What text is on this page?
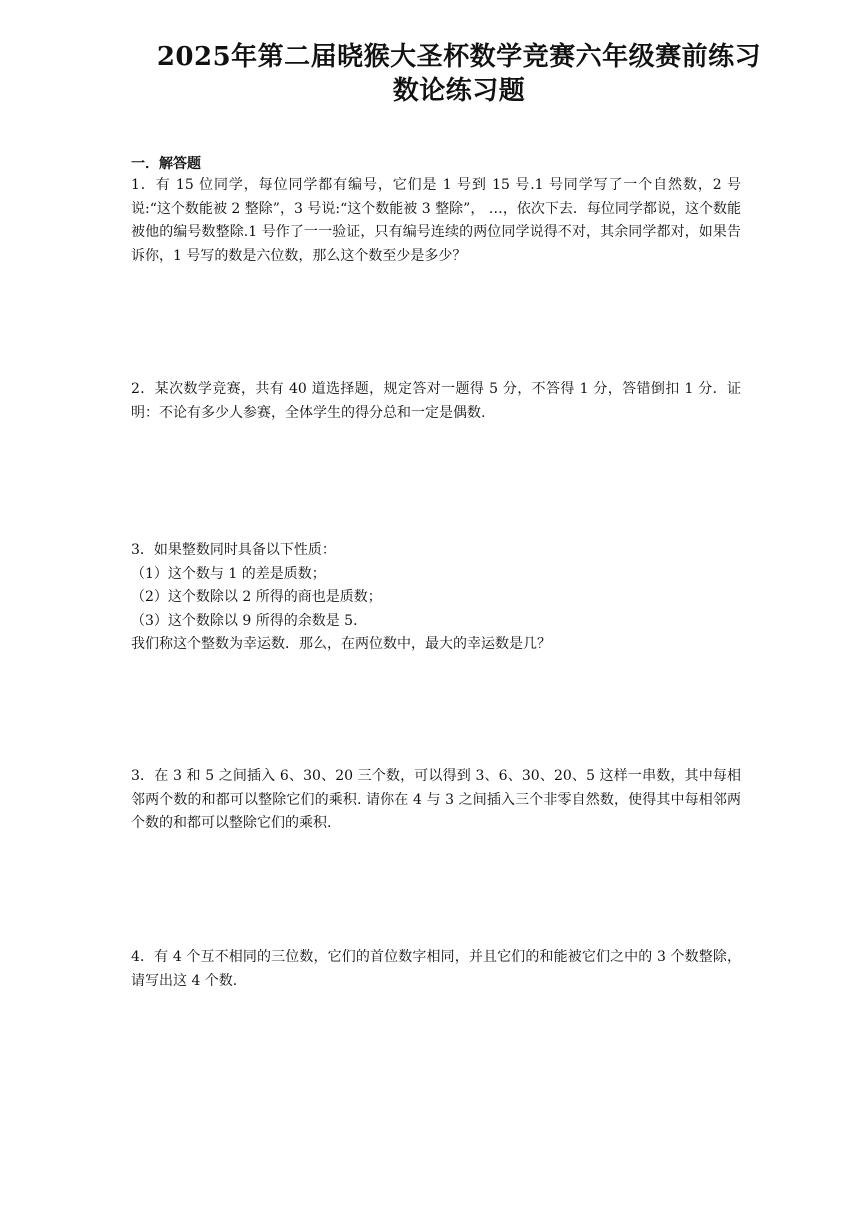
2025年第二届晓猴大圣杯数学竞赛六年级赛前练习
数论练习题
一．解答题

1．有 15 位同学，每位同学都有编号，它们是 1 号到 15 号.1 号同学写了一个自然数，2 号说:“这个数能被 2 整除”，3 号说:“这个数能被 3 整除”， …，依次下去．每位同学都说，这个数能被他的编号数整除.1 号作了一一验证，只有编号连续的两位同学说得不对，其余同学都对，如果告诉你，1 号写的数是六位数，那么这个数至少是多少？

2．某次数学竞赛，共有 40 道选择题，规定答对一题得 5 分，不答得 1 分，答错倒扣 1 分．证明：不论有多少人参赛，全体学生的得分总和一定是偶数.

3．如果整数同时具备以下性质：

（1）这个数与 1 的差是质数；

（2）这个数除以 2 所得的商也是质数；

（3）这个数除以 9 所得的余数是 5．

我们称这个整数为幸运数．那么，在两位数中，最大的幸运数是几？

3．在 3 和 5 之间插入 6、30、20 三个数，可以得到 3、6、30、20、5 这样一串数，其中每相邻两个数的和都可以整除它们的乘积. 请你在 4 与 3 之间插入三个非零自然数，使得其中每相邻两个数的和都可以整除它们的乘积.

4．有 4 个互不相同的三位数，它们的首位数字相同，并且它们的和能被它们之中的 3 个数整除，请写出这 4 个数.
